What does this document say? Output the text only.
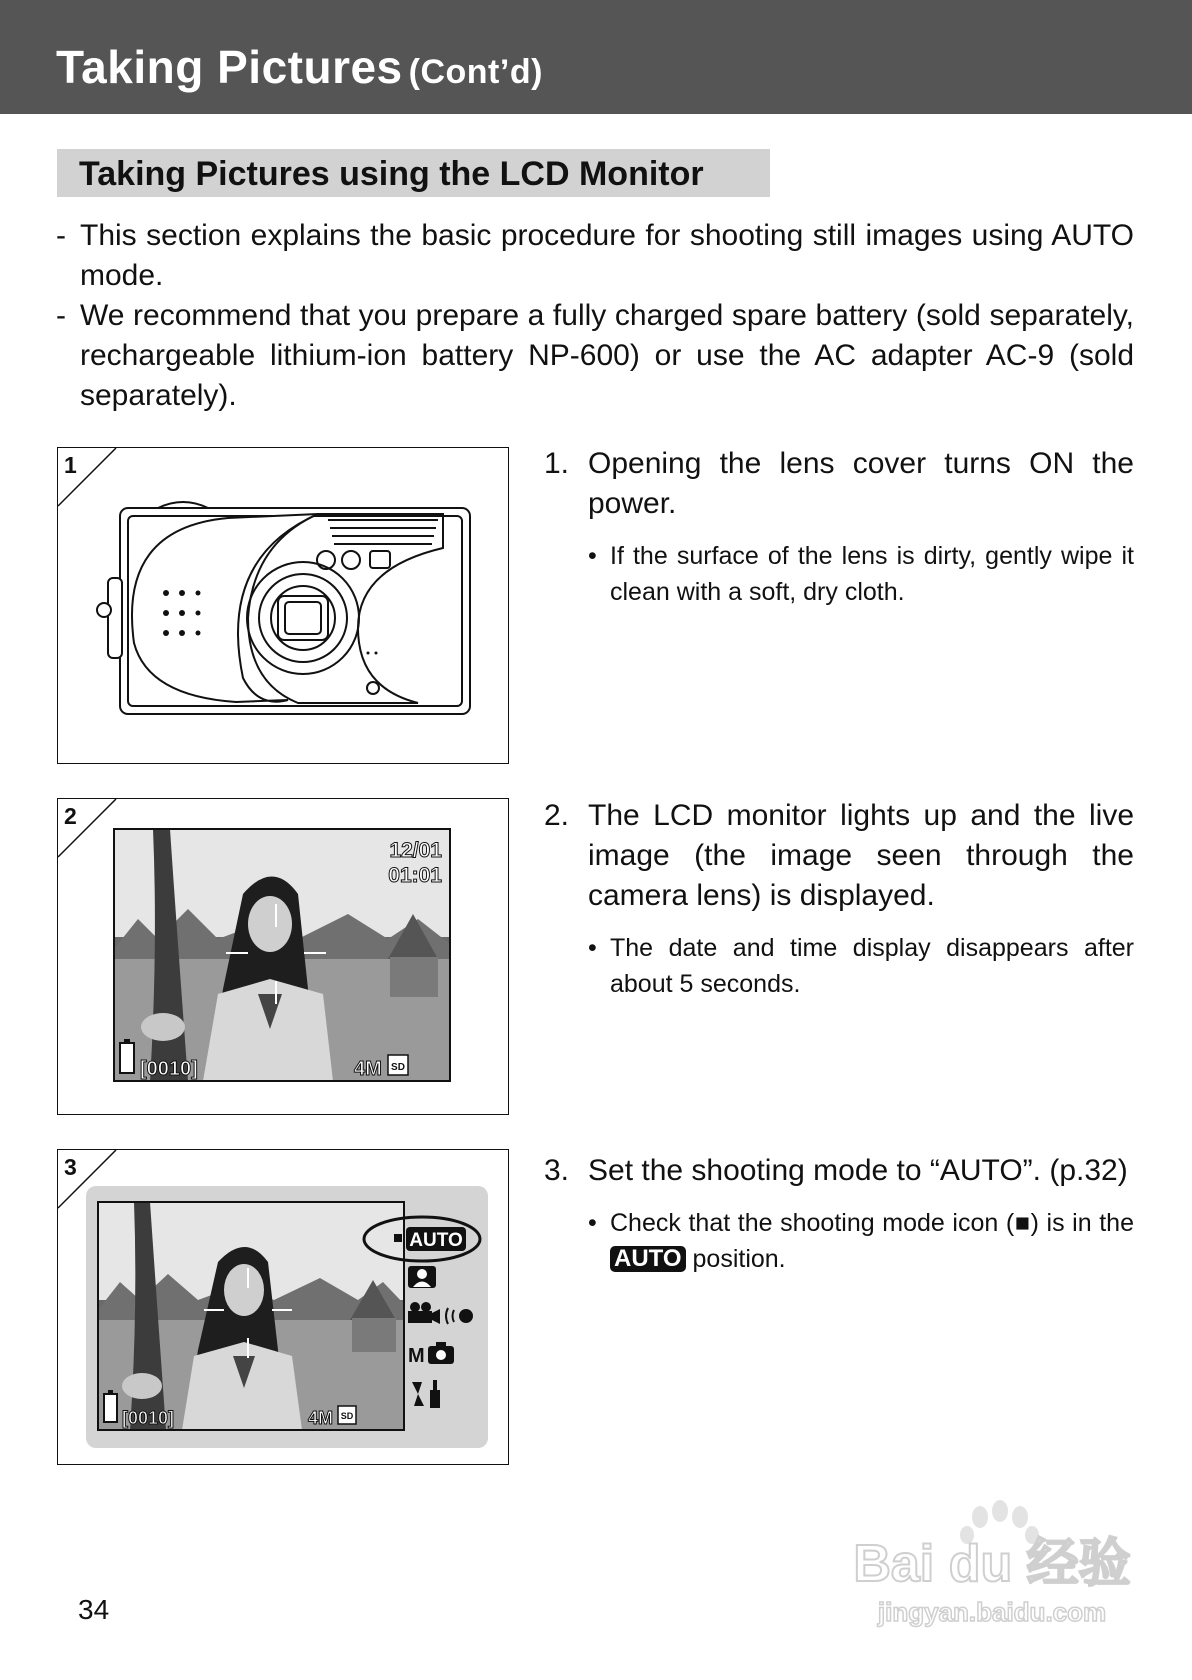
Taking Pictures (Cont’d)
Taking Pictures using the LCD Monitor
- This section explains the basic procedure for shooting still images using AUTO mode.
- We recommend that you prepare a fully charged spare battery (sold separately, rechargeable lithium-ion battery NP-600) or use the AC adapter AC-9 (sold separately).
1	1. Opening the lens cover turns ON the power.
• If the surface of the lens is dirty, gently wipe it clean with a soft, dry cloth.
2
12/01
01:01
[0010]	4M SD
2. The LCD monitor lights up and the live image (the image seen through the camera lens) is displayed.
• The date and time display disappears after about 5 seconds.
3
[0010]	4M SD
AUTO
M
3. Set the shooting mode to “AUTO”. (p.32)
• Check that the shooting mode icon (■) is in the AUTO position.
34
Bai du 经验
jingyan.baidu.com
